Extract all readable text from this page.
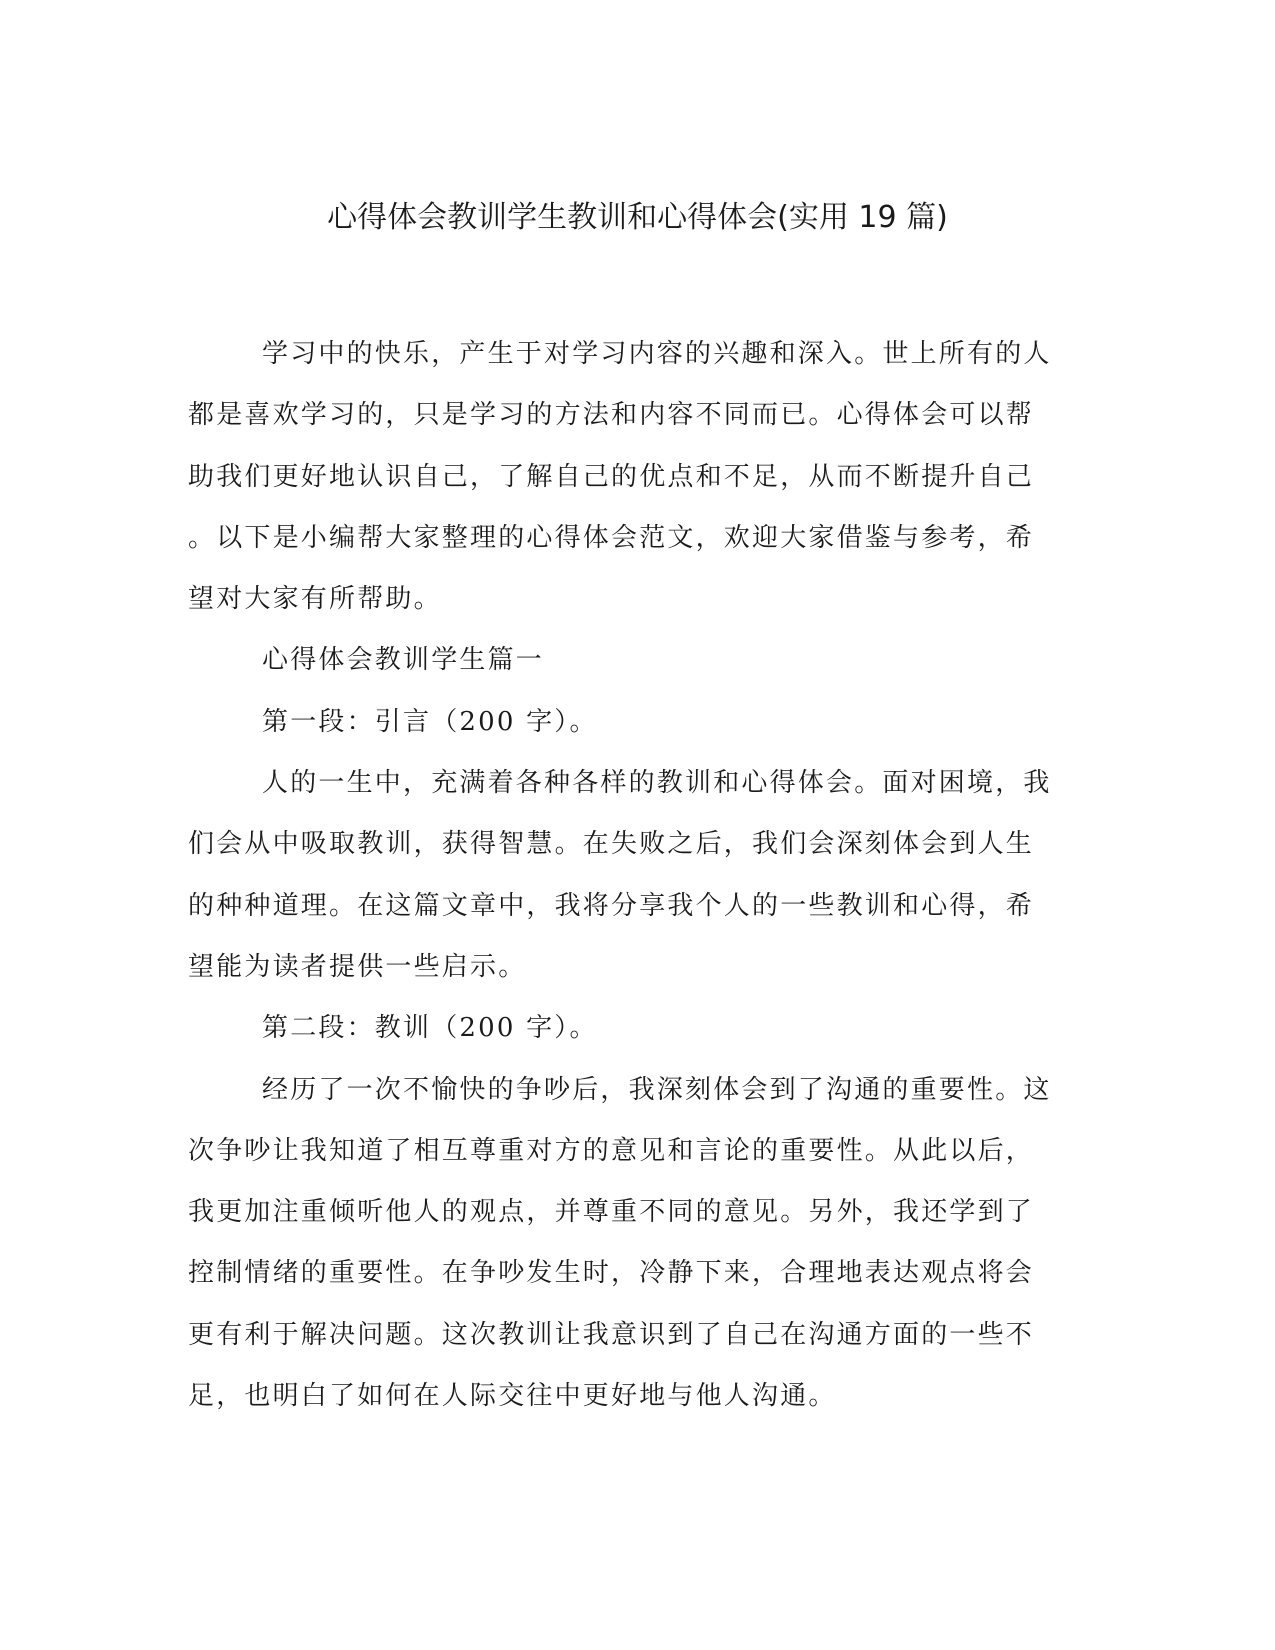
心得体会教训学生教训和心得体会(实用 19 篇)
学习中的快乐，产生于对学习内容的兴趣和深入。世上所有的人
都是喜欢学习的，只是学习的方法和内容不同而已。心得体会可以帮
助我们更好地认识自己，了解自己的优点和不足，从而不断提升自己
。以下是小编帮大家整理的心得体会范文，欢迎大家借鉴与参考，希
望对大家有所帮助。
心得体会教训学生篇一
第一段：引言（200 字）。
人的一生中，充满着各种各样的教训和心得体会。面对困境，我
们会从中吸取教训，获得智慧。在失败之后，我们会深刻体会到人生
的种种道理。在这篇文章中，我将分享我个人的一些教训和心得，希
望能为读者提供一些启示。
第二段：教训（200 字）。
经历了一次不愉快的争吵后，我深刻体会到了沟通的重要性。这
次争吵让我知道了相互尊重对方的意见和言论的重要性。从此以后，
我更加注重倾听他人的观点，并尊重不同的意见。另外，我还学到了
控制情绪的重要性。在争吵发生时，冷静下来，合理地表达观点将会
更有利于解决问题。这次教训让我意识到了自己在沟通方面的一些不
足，也明白了如何在人际交往中更好地与他人沟通。
